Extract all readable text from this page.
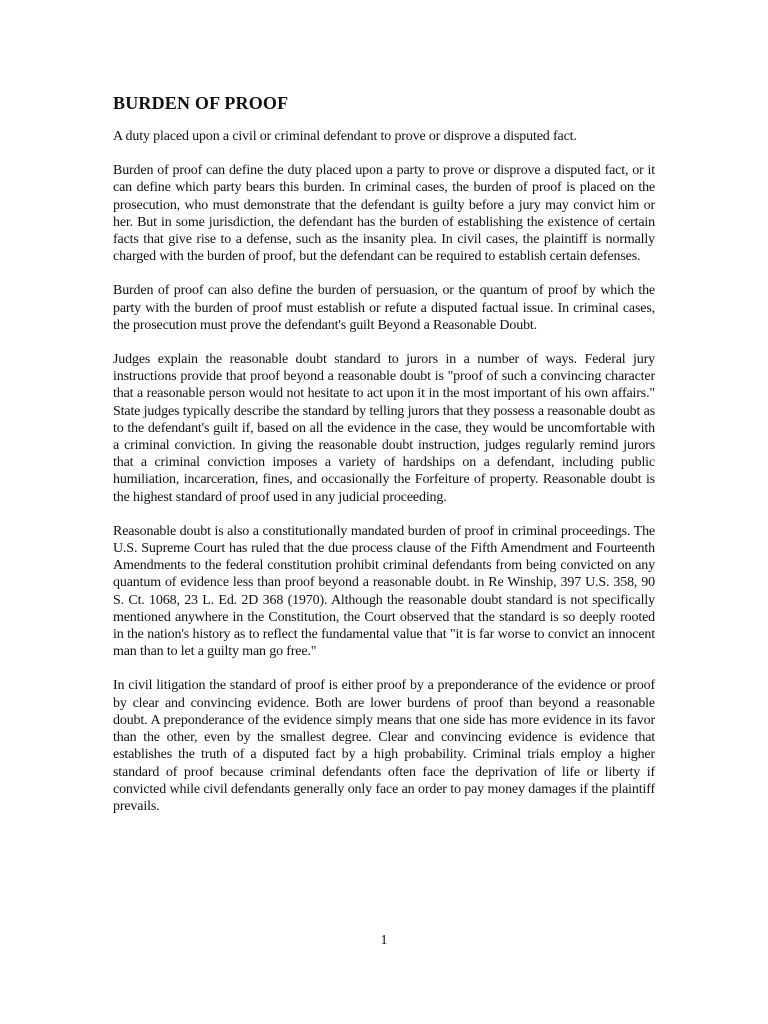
BURDEN OF PROOF

A duty placed upon a civil or criminal defendant to prove or disprove a disputed fact.

Burden of proof can define the duty placed upon a party to prove or disprove a disputed fact, or it can define which party bears this burden. In criminal cases, the burden of proof is placed on the prosecution, who must demonstrate that the defendant is guilty before a jury may convict him or her. But in some jurisdiction, the defendant has the burden of establishing the existence of certain facts that give rise to a defense, such as the insanity plea. In civil cases, the plaintiff is normally charged with the burden of proof, but the defendant can be required to establish certain defenses.

Burden of proof can also define the burden of persuasion, or the quantum of proof by which the party with the burden of proof must establish or refute a disputed factual issue. In criminal cases, the prosecution must prove the defendant's guilt Beyond a Reasonable Doubt.

Judges explain the reasonable doubt standard to jurors in a number of ways. Federal jury instructions provide that proof beyond a reasonable doubt is "proof of such a convincing character that a reasonable person would not hesitate to act upon it in the most important of his own affairs." State judges typically describe the standard by telling jurors that they possess a reasonable doubt as to the defendant's guilt if, based on all the evidence in the case, they would be uncomfortable with a criminal conviction. In giving the reasonable doubt instruction, judges regularly remind jurors that a criminal conviction imposes a variety of hardships on a defendant, including public humiliation, incarceration, fines, and occasionally the Forfeiture of property. Reasonable doubt is the highest standard of proof used in any judicial proceeding.

Reasonable doubt is also a constitutionally mandated burden of proof in criminal proceedings. The U.S. Supreme Court has ruled that the due process clause of the Fifth Amendment and Fourteenth Amendments to the federal constitution prohibit criminal defendants from being convicted on any quantum of evidence less than proof beyond a reasonable doubt. in Re Winship, 397 U.S. 358, 90 S. Ct. 1068, 23 L. Ed. 2D 368 (1970). Although the reasonable doubt standard is not specifically mentioned anywhere in the Constitution, the Court observed that the standard is so deeply rooted in the nation's history as to reflect the fundamental value that "it is far worse to convict an innocent man than to let a guilty man go free."

In civil litigation the standard of proof is either proof by a preponderance of the evidence or proof by clear and convincing evidence. Both are lower burdens of proof than beyond a reasonable doubt. A preponderance of the evidence simply means that one side has more evidence in its favor than the other, even by the smallest degree. Clear and convincing evidence is evidence that establishes the truth of a disputed fact by a high probability. Criminal trials employ a higher standard of proof because criminal defendants often face the deprivation of life or liberty if convicted while civil defendants generally only face an order to pay money damages if the plaintiff prevails.

1
